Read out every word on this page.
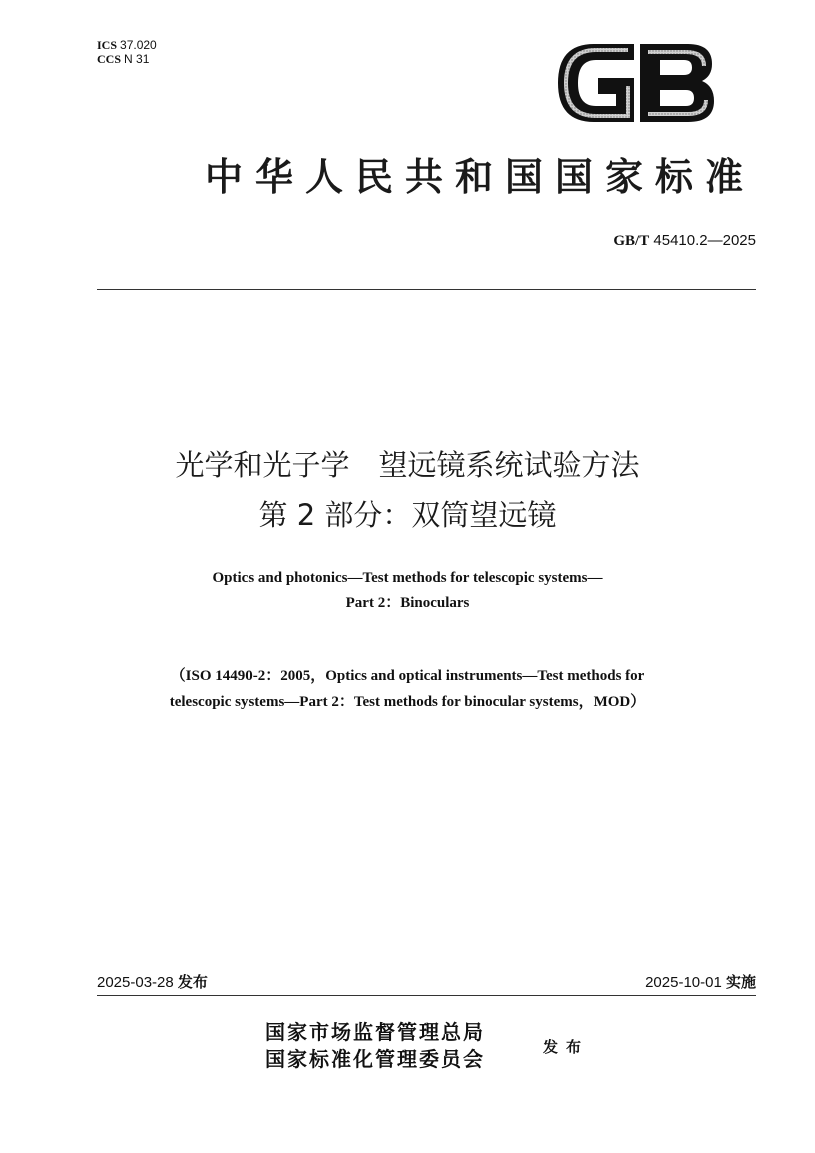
ICS 37.020
CCS N 31
中华人民共和国国家标准
GB/T 45410.2—2025
光学和光子学　望远镜系统试验方法
第 2 部分：双筒望远镜
Optics and photonics—Test methods for telescopic systems—
Part 2：Binoculars
（ISO 14490-2：2005，Optics and optical instruments—Test methods for
telescopic systems—Part 2：Test methods for binocular systems，MOD）
2025-03-28 发布	2025-10-01 实施
国家市场监督管理总局
国家标准化管理委员会	发布
